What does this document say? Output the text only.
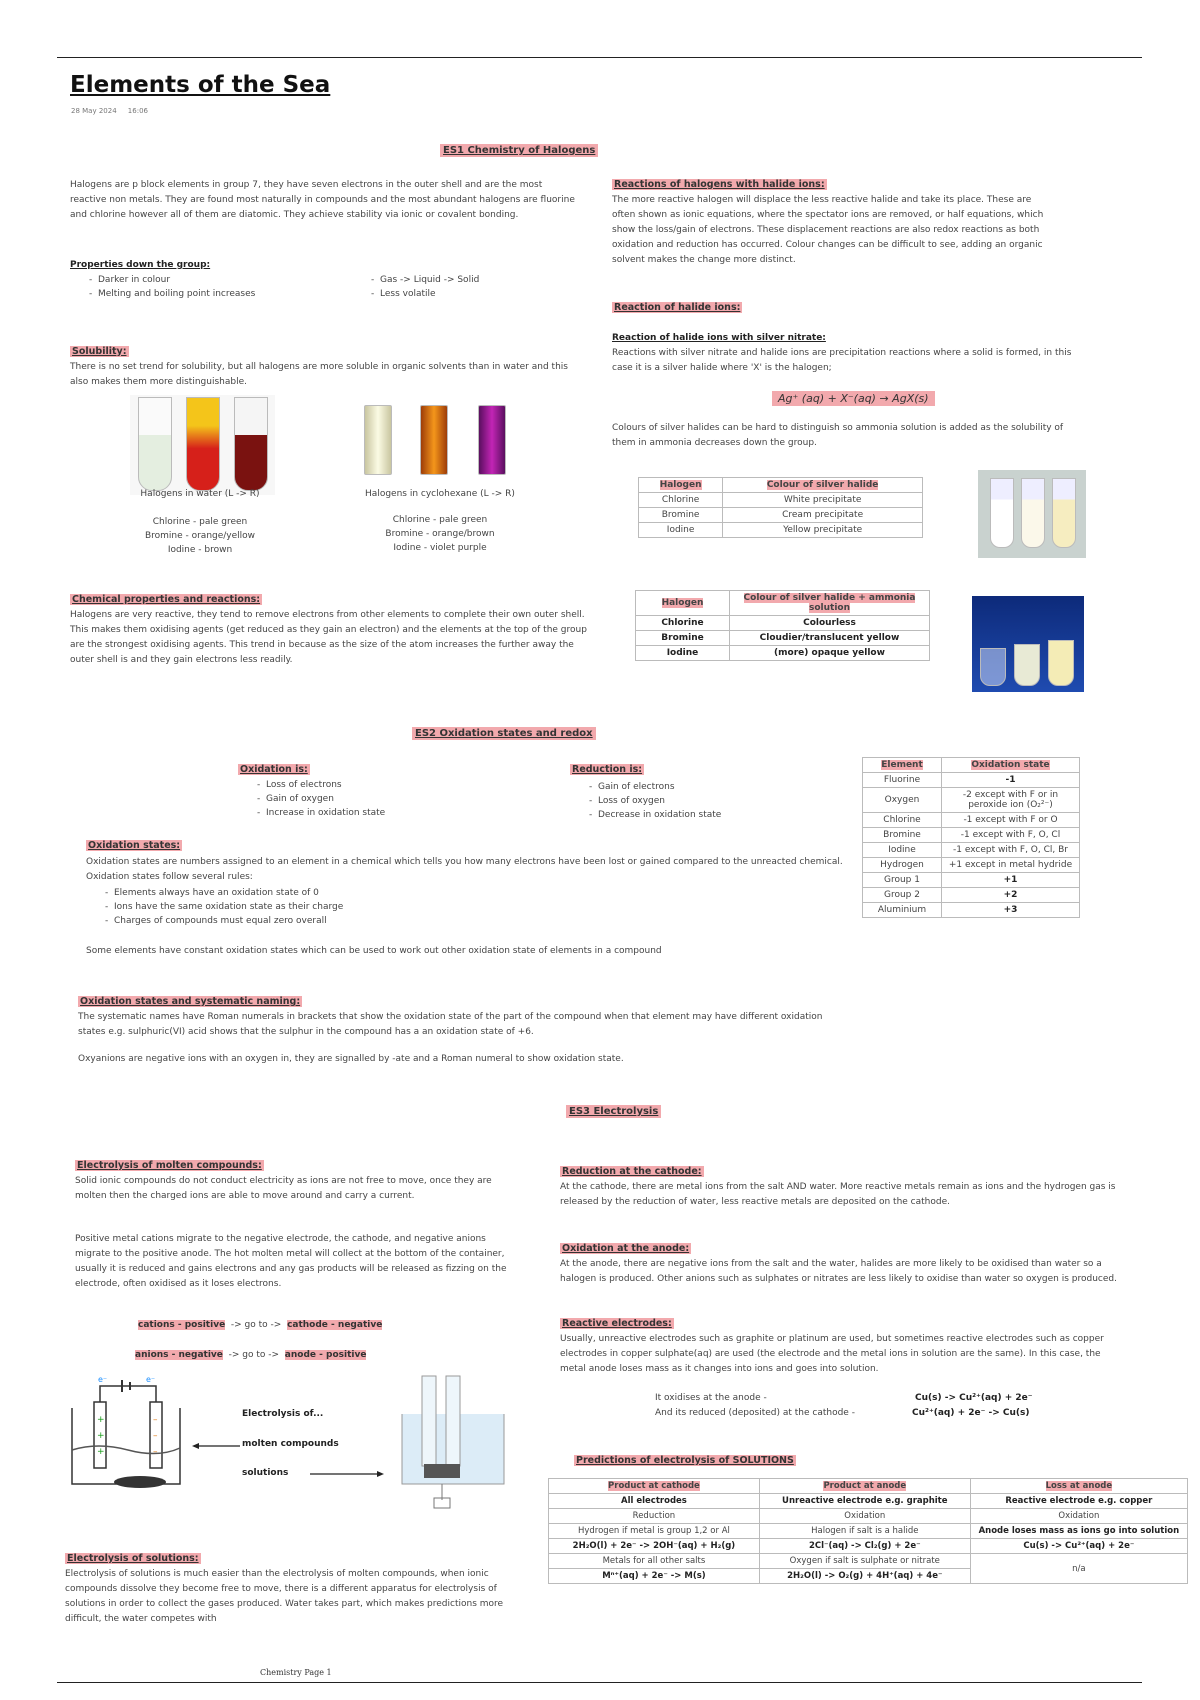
Elements of the Sea
28 May 2024 16:06
ES1 Chemistry of Halogens
Halogens are p block elements in group 7, they have seven electrons in the outer shell and are the most reactive non metals. They are found most naturally in compounds and the most abundant halogens are fluorine and chlorine however all of them are diatomic. They achieve stability via ionic or covalent bonding.
Properties down the group:
- Darker in colour
- Melting and boiling point increases
- Gas -> Liquid -> Solid
- Less volatile
Solubility:
There is no set trend for solubility, but all halogens are more soluble in organic solvents than in water and this also makes them more distinguishable.
Halogens in water (L -> R)
Chlorine - pale green
Bromine - orange/yellow
Iodine - brown
Halogens in cyclohexane (L -> R)
Chlorine - pale green
Bromine - orange/brown
Iodine - violet purple
Chemical properties and reactions:
Halogens are very reactive, they tend to remove electrons from other elements to complete their own outer shell. This makes them oxidising agents (get reduced as they gain an electron) and the elements at the top of the group are the strongest oxidising agents. This trend in because as the size of the atom increases the further away the outer shell is and they gain electrons less readily.
Reactions of halogens with halide ions:
The more reactive halogen will displace the less reactive halide and take its place. These are often shown as ionic equations, where the spectator ions are removed, or half equations, which show the loss/gain of electrons. These displacement reactions are also redox reactions as both oxidation and reduction has occurred. Colour changes can be difficult to see, adding an organic solvent makes the change more distinct.
Reaction of halide ions:
Reaction of halide ions with silver nitrate:
Reactions with silver nitrate and halide ions are precipitation reactions where a solid is formed, in this case it is a silver halide where 'X' is the halogen;
Ag⁺ (aq) + X⁻(aq) → AgX(s)
Colours of silver halides can be hard to distinguish so ammonia solution is added as the solubility of them in ammonia decreases down the group.
Halogen	Colour of silver halide
Chlorine	White precipitate
Bromine	Cream precipitate
Iodine	Yellow precipitate
Halogen	Colour of silver halide + ammonia solution
Chlorine	Colourless
Bromine	Cloudier/translucent yellow
Iodine	(more) opaque yellow
ES2 Oxidation states and redox
Oxidation is:
- Loss of electrons
- Gain of oxygen
- Increase in oxidation state
Reduction is:
- Gain of electrons
- Loss of oxygen
- Decrease in oxidation state
Oxidation states:
Oxidation states are numbers assigned to an element in a chemical which tells you how many electrons have been lost or gained compared to the unreacted chemical. Oxidation states follow several rules:
- Elements always have an oxidation state of 0
- Ions have the same oxidation state as their charge
- Charges of compounds must equal zero overall
Some elements have constant oxidation states which can be used to work out other oxidation state of elements in a compound
Oxidation states and systematic naming:
The systematic names have Roman numerals in brackets that show the oxidation state of the part of the compound when that element may have different oxidation states e.g. sulphuric(VI) acid shows that the sulphur in the compound has a an oxidation state of +6.
Oxyanions are negative ions with an oxygen in, they are signalled by -ate and a Roman numeral to show oxidation state.
Element	Oxidation state
Fluorine	-1
Oxygen	-2 except with F or in peroxide ion (O₂²⁻)
Chlorine	-1 except with F or O
Bromine	-1 except with F, O, Cl
Iodine	-1 except with F, O, Cl, Br
Hydrogen	+1 except in metal hydride
Group 1	+1
Group 2	+2
Aluminium	+3
ES3 Electrolysis
Electrolysis of molten compounds:
Solid ionic compounds do not conduct electricity as ions are not free to move, once they are molten then the charged ions are able to move around and carry a current.
Positive metal cations migrate to the negative electrode, the cathode, and negative anions migrate to the positive anode. The hot molten metal will collect at the bottom of the container, usually it is reduced and gains electrons and any gas products will be released as fizzing on the electrode, often oxidised as it loses electrons.
cations - positive -> go to -> cathode - negative
anions - negative -> go to -> anode - positive
e⁻	e⁻
+
+
+
–
–
–
Electrolysis of...
molten compounds
solutions
Electrolysis of solutions:
Electrolysis of solutions is much easier than the electrolysis of molten compounds, when ionic compounds dissolve they become free to move, there is a different apparatus for electrolysis of solutions in order to collect the gases produced. Water takes part, which makes predictions more difficult, the water competes with
Reduction at the cathode:
At the cathode, there are metal ions from the salt AND water. More reactive metals remain as ions and the hydrogen gas is released by the reduction of water, less reactive metals are deposited on the cathode.
Oxidation at the anode:
At the anode, there are negative ions from the salt and the water, halides are more likely to be oxidised than water so a halogen is produced. Other anions such as sulphates or nitrates are less likely to oxidise than water so oxygen is produced.
Reactive electrodes:
Usually, unreactive electrodes such as graphite or platinum are used, but sometimes reactive electrodes such as copper electrodes in copper sulphate(aq) are used (the electrode and the metal ions in solution are the same). In this case, the metal anode loses mass as it changes into ions and goes into solution.
It oxidises at the anode -	Cu(s) -> Cu²⁺(aq) + 2e⁻
And its reduced (deposited) at the cathode -	Cu²⁺(aq) + 2e⁻ -> Cu(s)
Predictions of electrolysis of SOLUTIONS
Product at cathode	Product at anode	Loss at anode
All electrodes	Unreactive electrode e.g. graphite	Reactive electrode e.g. copper
Reduction	Oxidation	Oxidation
Hydrogen if metal is group 1,2 or Al	Halogen if salt is a halide	Anode loses mass as ions go into solution
2H₂O(l) + 2e⁻ -> 2OH⁻(aq) + H₂(g)	2Cl⁻(aq) -> Cl₂(g) + 2e⁻	Cu(s) -> Cu²⁺(aq) + 2e⁻
Metals for all other salts	Oxygen if salt is sulphate or nitrate	n/a
Mⁿ⁺(aq) + 2e⁻ -> M(s)	2H₂O(l) -> O₂(g) + 4H⁺(aq) + 4e⁻	
Chemistry Page 1
